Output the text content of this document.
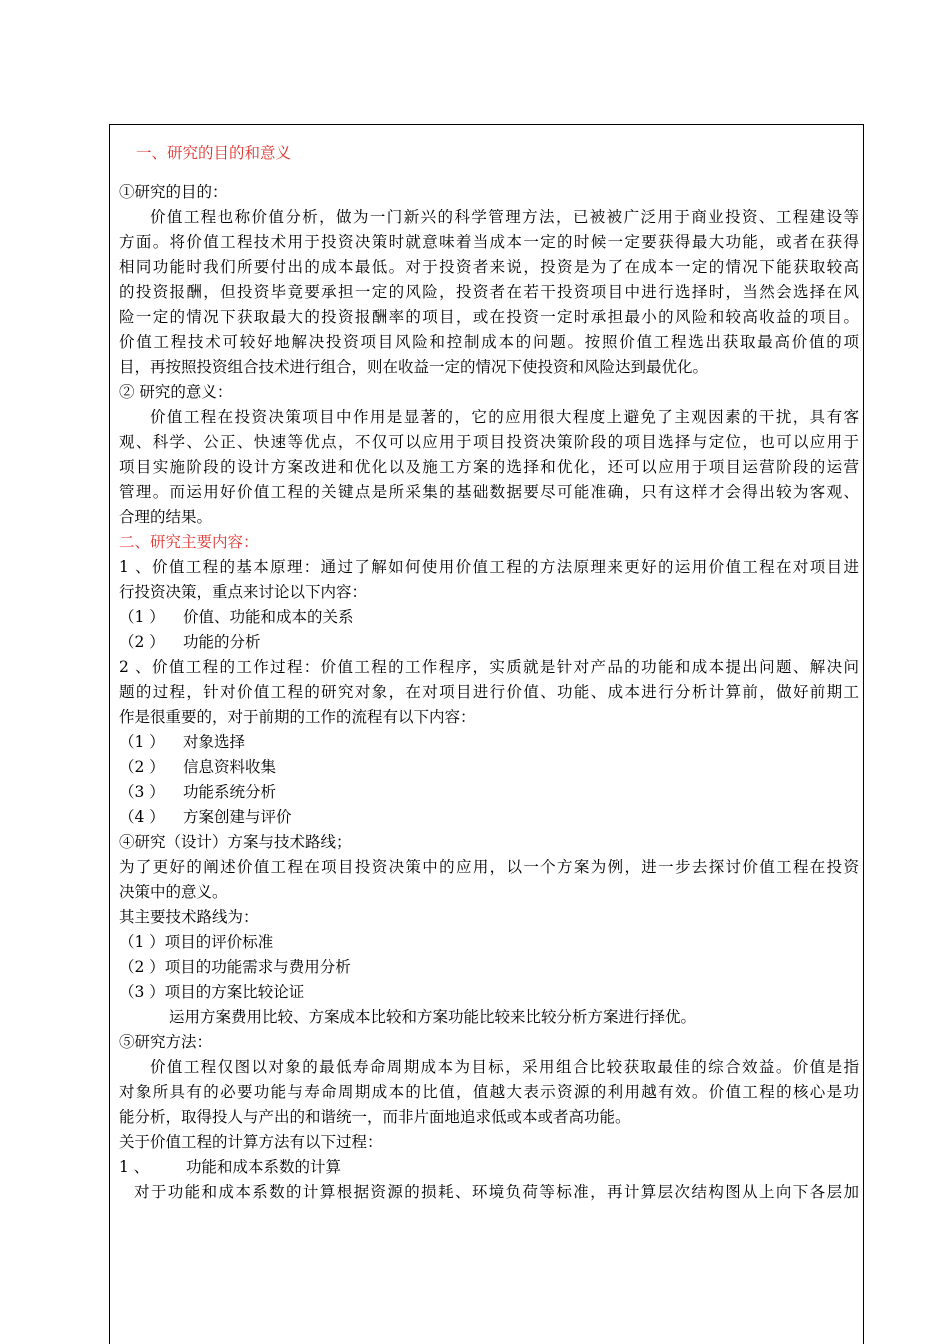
一、研究的目的和意义
①研究的目的：
价值工程也称价值分析，做为一门新兴的科学管理方法，已被被广泛用于商业投资、工程建设等
方面。将价值工程技术用于投资决策时就意味着当成本一定的时候一定要获得最大功能，或者在获得
相同功能时我们所要付出的成本最低。对于投资者来说，投资是为了在成本一定的情况下能获取较高
的投资报酬，但投资毕竟要承担一定的风险，投资者在若干投资项目中进行选择时，当然会选择在风
险一定的情况下获取最大的投资报酬率的项目，或在投资一定时承担最小的风险和较高收益的项目。
价值工程技术可较好地解决投资项目风险和控制成本的问题。按照价值工程选出获取最高价值的项
目，再按照投资组合技术进行组合，则在收益一定的情况下使投资和风险达到最优化。
② 研究的意义：
价值工程在投资决策项目中作用是显著的，它的应用很大程度上避免了主观因素的干扰，具有客
观、科学、公正、快速等优点，不仅可以应用于项目投资决策阶段的项目选择与定位，也可以应用于
项目实施阶段的设计方案改进和优化以及施工方案的选择和优化，还可以应用于项目运营阶段的运营
管理。而运用好价值工程的关键点是所采集的基础数据要尽可能准确，只有这样才会得出较为客观、
合理的结果。
二、研究主要内容：
1 、价值工程的基本原理：通过了解如何使用价值工程的方法原理来更好的运用价值工程在对项目进
行投资决策，重点来讨论以下内容：
（1 ） 价值、功能和成本的关系
（2 ） 功能的分析
2 、价值工程的工作过程：价值工程的工作程序，实质就是针对产品的功能和成本提出问题、解决问
题的过程，针对价值工程的研究对象，在对项目进行价值、功能、成本进行分析计算前，做好前期工
作是很重要的，对于前期的工作的流程有以下内容：
（1 ） 对象选择
（2 ） 信息资料收集
（3 ） 功能系统分析
（4 ） 方案创建与评价
④研究（设计）方案与技术路线；
为了更好的阐述价值工程在项目投资决策中的应用，以一个方案为例，进一步去探讨价值工程在投资
决策中的意义。
其主要技术路线为：
（1 ）项目的评价标准
（2 ）项目的功能需求与费用分析
（3 ）项目的方案比较论证
运用方案费用比较、方案成本比较和方案功能比较来比较分析方案进行择优。
⑤研究方法：
价值工程仅图以对象的最低寿命周期成本为目标，采用组合比较获取最佳的综合效益。价值是指
对象所具有的必要功能与寿命周期成本的比值，值越大表示资源的利用越有效。价值工程的核心是功
能分析，取得投人与产出的和谐统一，而非片面地追求低或本或者高功能。
关于价值工程的计算方法有以下过程：
1 、 功能和成本系数的计算
对于功能和成本系数的计算根据资源的损耗、环境负荷等标准，再计算层次结构图从上向下各层加
